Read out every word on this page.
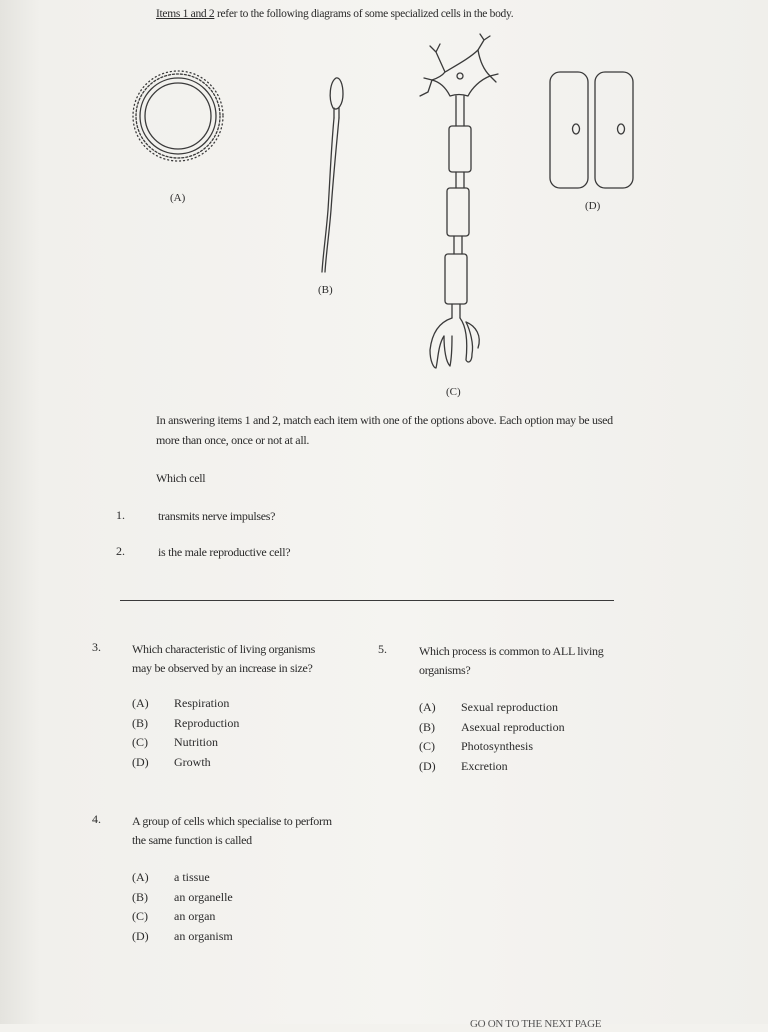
Items 1 and 2 refer to the following diagrams of some specialized cells in the body.
(A)
(B)
(C)
(D)

In answering items 1 and 2, match each item with one of the options above. Each option may be used more than once, once or not at all.

Which cell

1.	transmits nerve impulses?
2.	is the male reproductive cell?
3.	Which characteristic of living organisms
may be observed by an increase in size?
(A)	Respiration
(B)	Reproduction
(C)	Nutrition
(D)	Growth
4.	A group of cells which specialise to perform
the same function is called
(A)	a tissue
(B)	an organelle
(C)	an organ
(D)	an organism
5.	Which process is common to ALL living
organisms?
(A)	Sexual reproduction
(B)	Asexual reproduction
(C)	Photosynthesis
(D)	Excretion
GO ON TO THE NEXT PAGE
